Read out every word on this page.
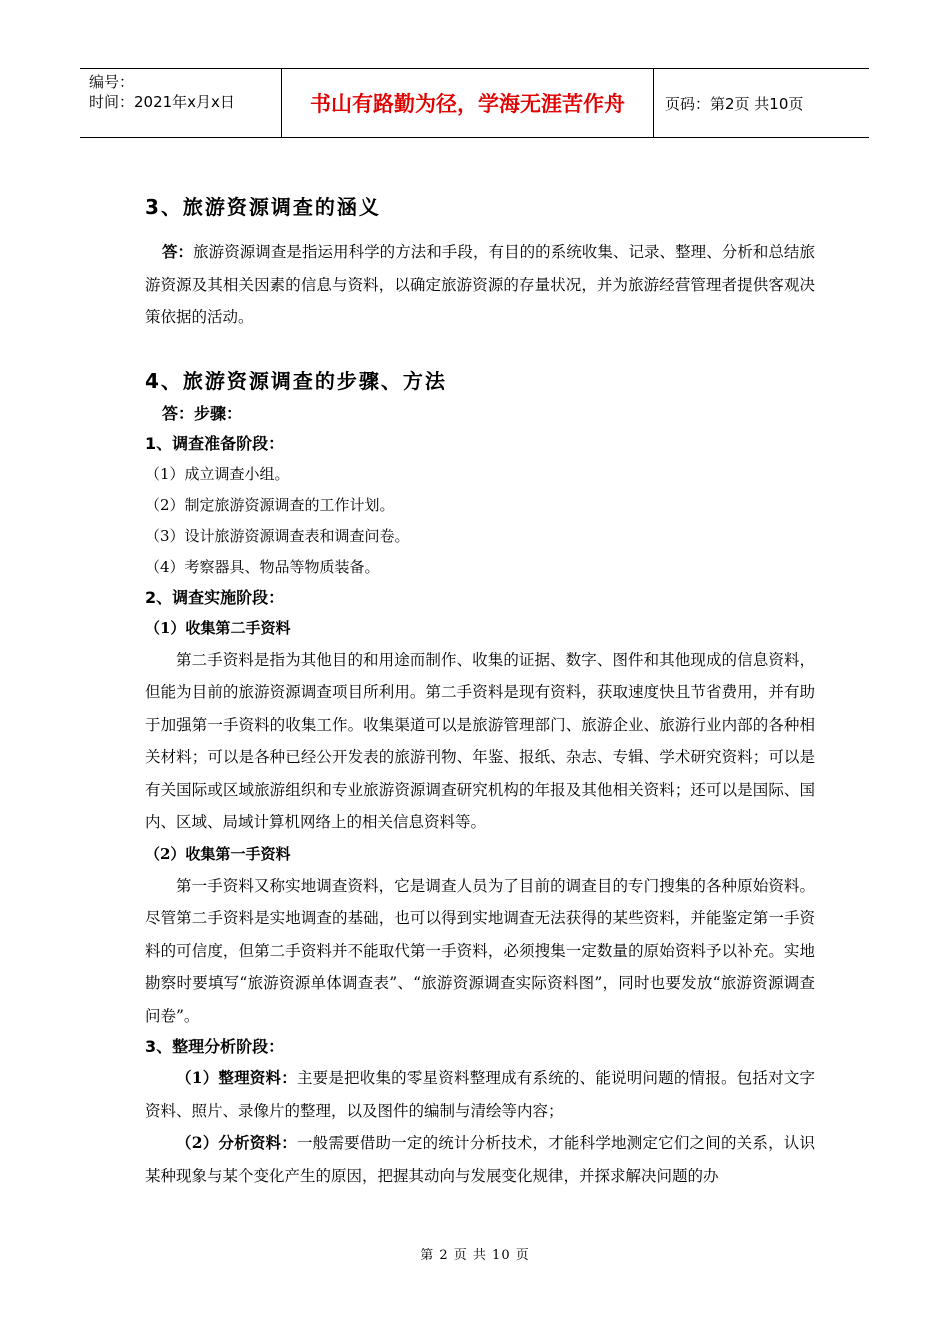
编号：
时间：2021年x月x日	书山有路勤为径，学海无涯苦作舟	页码：第2页 共10页
3、旅游资源调查的涵义

答：旅游资源调查是指运用科学的方法和手段，有目的的系统收集、记录、整理、分析和总结旅游资源及其相关因素的信息与资料，以确定旅游资源的存量状况，并为旅游经营管理者提供客观决策依据的活动。

4、旅游资源调查的步骤、方法

答：步骤：

1、调查准备阶段：

（1）成立调查小组。

（2）制定旅游资源调查的工作计划。

（3）设计旅游资源调查表和调查问卷。

（4）考察器具、物品等物质装备。

2、调查实施阶段：

（1）收集第二手资料

第二手资料是指为其他目的和用途而制作、收集的证据、数字、图件和其他现成的信息资料，但能为目前的旅游资源调查项目所利用。第二手资料是现有资料，获取速度快且节省费用，并有助于加强第一手资料的收集工作。收集渠道可以是旅游管理部门、旅游企业、旅游行业内部的各种相关材料；可以是各种已经公开发表的旅游刊物、年鉴、报纸、杂志、专辑、学术研究资料；可以是有关国际或区域旅游组织和专业旅游资源调查研究机构的年报及其他相关资料；还可以是国际、国内、区域、局域计算机网络上的相关信息资料等。

（2）收集第一手资料

第一手资料又称实地调查资料，它是调查人员为了目前的调查目的专门搜集的各种原始资料。尽管第二手资料是实地调查的基础，也可以得到实地调查无法获得的某些资料，并能鉴定第一手资料的可信度，但第二手资料并不能取代第一手资料，必须搜集一定数量的原始资料予以补充。实地勘察时要填写“旅游资源单体调查表”、“旅游资源调查实际资料图”，同时也要发放“旅游资源调查问卷”。

3、整理分析阶段：

（1）整理资料：主要是把收集的零星资料整理成有系统的、能说明问题的情报。包括对文字资料、照片、录像片的整理，以及图件的编制与清绘等内容；

（2）分析资料：一般需要借助一定的统计分析技术，才能科学地测定它们之间的关系，认识某种现象与某个变化产生的原因，把握其动向与发展变化规律，并探求解决问题的办

第 2 页 共 10 页
